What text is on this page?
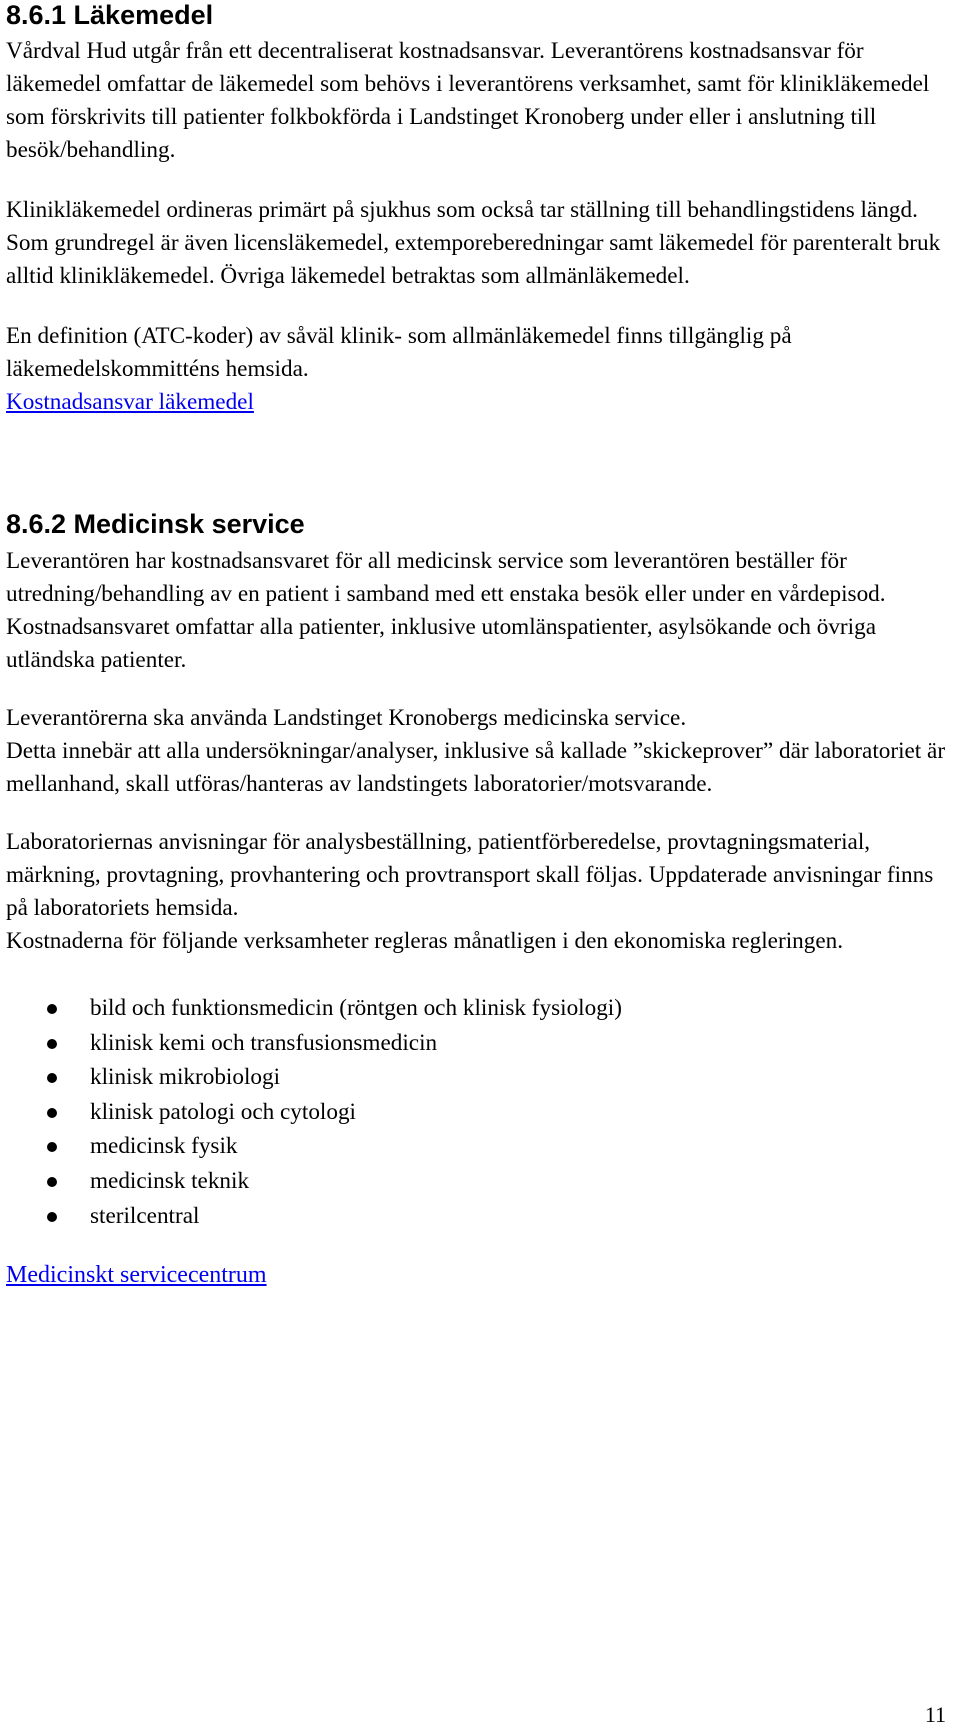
8.6.1 Läkemedel

Vårdval Hud utgår från ett decentraliserat kostnadsansvar. Leverantörens kostnadsansvar för läkemedel omfattar de läkemedel som behövs i leverantörens verksamhet, samt för klinikläkemedel som förskrivits till patienter folkbokförda i Landstinget Kronoberg under eller i anslutning till besök/behandling.

Klinikläkemedel ordineras primärt på sjukhus som också tar ställning till behandlingstidens längd. Som grundregel är även licensläkemedel, extemporeberedningar samt läkemedel för parenteralt bruk alltid klinikläkemedel. Övriga läkemedel betraktas som allmänläkemedel.

En definition (ATC-koder) av såväl klinik- som allmänläkemedel finns tillgänglig på läkemedelskommitténs hemsida.

Kostnadsansvar läkemedel
8.6.2 Medicinsk service

Leverantören har kostnadsansvaret för all medicinsk service som leverantören beställer för utredning/behandling av en patient i samband med ett enstaka besök eller under en vårdepisod. Kostnadsansvaret omfattar alla patienter, inklusive utomlänspatienter, asylsökande och övriga utländska patienter.

Leverantörerna ska använda Landstinget Kronobergs medicinska service.

Detta innebär att alla undersökningar/analyser, inklusive så kallade ”skickeprover” där laboratoriet är mellanhand, skall utföras/hanteras av landstingets laboratorier/motsvarande.

Laboratoriernas anvisningar för analysbeställning, patientförberedelse, provtagningsmaterial, märkning, provtagning, provhantering och provtransport skall följas. Uppdaterade anvisningar finns på laboratoriets hemsida.

Kostnaderna för följande verksamheter regleras månatligen i den ekonomiska regleringen.

bild och funktionsmedicin (röntgen och klinisk fysiologi)
klinisk kemi och transfusionsmedicin
klinisk mikrobiologi
klinisk patologi och cytologi
medicinsk fysik
medicinsk teknik
sterilcentral
Medicinskt servicecentrum
11
